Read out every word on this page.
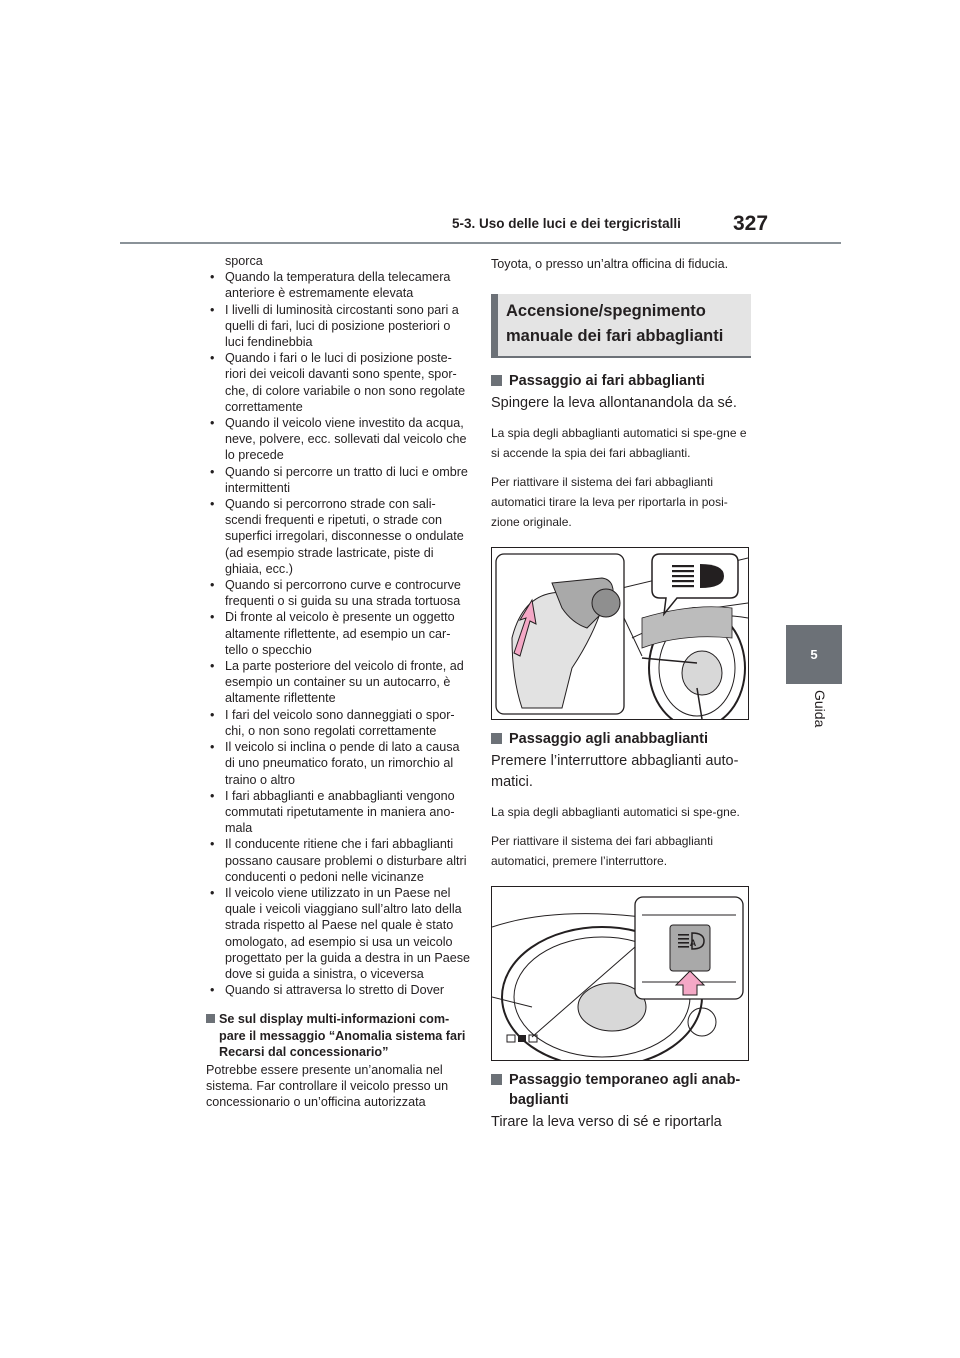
5-3. Uso delle luci e dei tergicristalli 327
5
Guida
sporca
• Quando la temperatura della telecamera anteriore è estremamente elevata
• I livelli di luminosità circostanti sono pari a quelli di fari, luci di posizione posteriori o luci fendinebbia
• Quando i fari o le luci di posizione poste-riori dei veicoli davanti sono spente, spor-che, di colore variabile o non sono regolate correttamente
• Quando il veicolo viene investito da acqua, neve, polvere, ecc. sollevati dal veicolo che lo precede
• Quando si percorre un tratto di luci e ombre intermittenti
• Quando si percorrono strade con sali-scendi frequenti e ripetuti, o strade con superfici irregolari, disconnesse o ondulate (ad esempio strade lastricate, piste di ghiaia, ecc.)
• Quando si percorrono curve e controcurve frequenti o si guida su una strada tortuosa
• Di fronte al veicolo è presente un oggetto altamente riflettente, ad esempio un car-tello o specchio
• La parte posteriore del veicolo di fronte, ad esempio un container su un autocarro, è altamente riflettente
• I fari del veicolo sono danneggiati o spor-chi, o non sono regolati correttamente
• Il veicolo si inclina o pende di lato a causa di uno pneumatico forato, un rimorchio al traino o altro
• I fari abbaglianti e anabbaglianti vengono commutati ripetutamente in maniera ano-mala
• Il conducente ritiene che i fari abbaglianti possano causare problemi o disturbare altri conducenti o pedoni nelle vicinanze
• Il veicolo viene utilizzato in un Paese nel quale i veicoli viaggiano sull’altro lato della strada rispetto al Paese nel quale è stato omologato, ad esempio si usa un veicolo progettato per la guida a destra in un Paese dove si guida a sinistra, o viceversa
• Quando si attraversa lo stretto di Dover
Se sul display multi-informazioni com-pare il messaggio “Anomalia sistema fari Recarsi dal concessionario”
Potrebbe essere presente un’anomalia nel sistema. Far controllare il veicolo presso un concessionario o un’officina autorizzata
Toyota, o presso un’altra officina di fiducia.
Accensione/spegnimento
manuale dei fari abbaglianti
Passaggio ai fari abbaglianti
Spingere la leva allontanandola da sé.
La spia degli abbaglianti automatici si spe-gne e si accende la spia dei fari abbaglianti.
Per riattivare il sistema dei fari abbaglianti automatici tirare la leva per riportarla in posi-zione originale.
Passaggio agli anabbaglianti
Premere l’interruttore abbaglianti auto-matici.
La spia degli abbaglianti automatici si spe-gne.
Per riattivare il sistema dei fari abbaglianti automatici, premere l’interruttore.
A
Passaggio temporaneo agli anab-
baglianti
Tirare la leva verso di sé e riportarla
